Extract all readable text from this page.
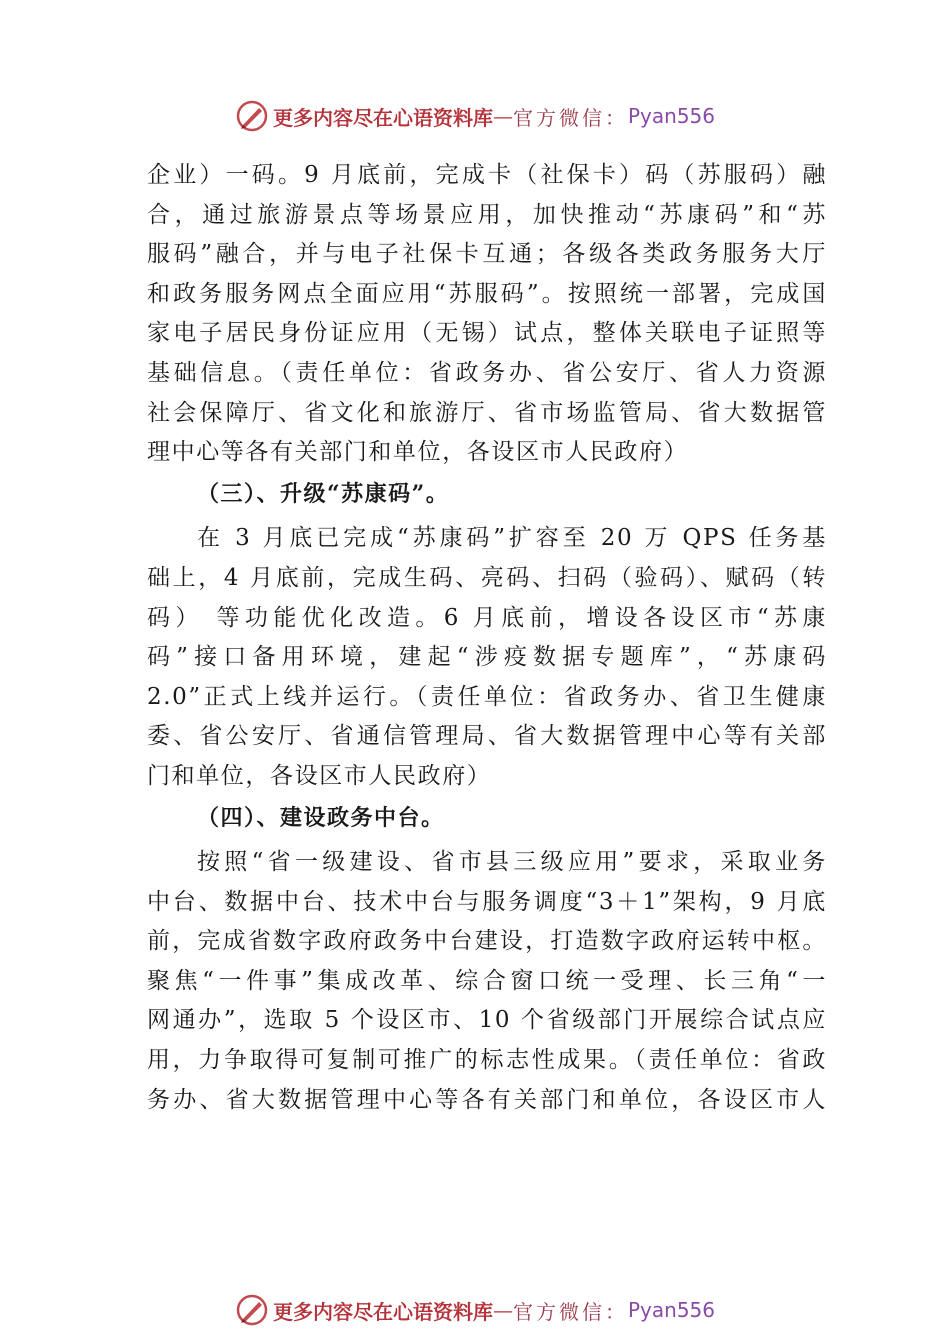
更多内容尽在心语资料库 — 官方微信： Pyan556

企业）一码。9 月底前，完成卡（社保卡）码（苏服码）融

合，通过旅游景点等场景应用，加快推动“苏康码”和“苏

服码”融合，并与电子社保卡互通；各级各类政务服务大厅

和政务服务网点全面应用“苏服码”。按照统一部署，完成国

家电子居民身份证应用（无锡）试点，整体关联电子证照等

基础信息。（责任单位：省政务办、省公安厅、省人力资源

社会保障厅、省文化和旅游厅、省市场监管局、省大数据管

理中心等各有关部门和单位，各设区市人民政府）

（三）、升级“苏康码”。

在 3 月底已完成“苏康码”扩容至 20 万 QPS 任务基

础上，4 月底前，完成生码、亮码、扫码（验码）、赋码（转

码） 等功能优化改造。6 月底前，增设各设区市“苏康

码”接口备用环境，建起“涉疫数据专题库”，“苏康码

2.0”正式上线并运行。（责任单位：省政务办、省卫生健康

委、省公安厅、省通信管理局、省大数据管理中心等有关部

门和单位，各设区市人民政府）

（四）、建设政务中台。

按照“省一级建设、省市县三级应用”要求，采取业务

中台、数据中台、技术中台与服务调度“3＋1”架构，9 月底

前，完成省数字政府政务中台建设，打造数字政府运转中枢。

聚焦“一件事”集成改革、综合窗口统一受理、长三角“一

网通办”，选取 5 个设区市、10 个省级部门开展综合试点应

用，力争取得可复制可推广的标志性成果。（责任单位：省政

务办、省大数据管理中心等各有关部门和单位，各设区市人

更多内容尽在心语资料库 — 官方微信： Pyan556
